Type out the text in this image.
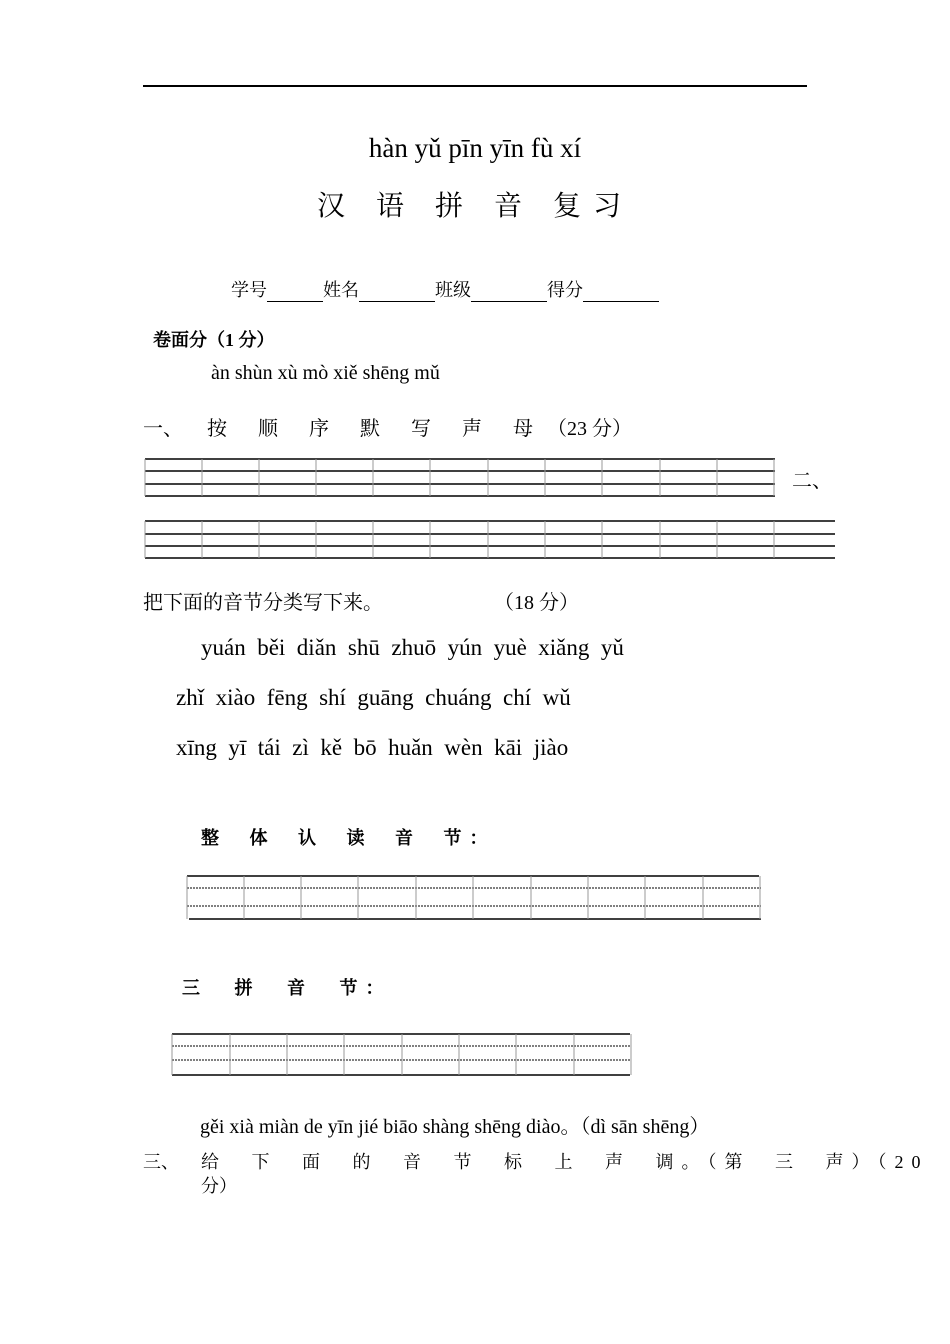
hàn yǔ pīn yīn fù xí
汉 语 拼 音 复习
学号	姓名	班级	得分
卷面分（1 分）
àn shùn xù mò xiě shēng mǔ
一、 按 顺 序 默 写 声 母 （23 分）
二、
把下面的音节分类写下来。	（18 分）
yuán  běi  diǎn  shū  zhuō  yún  yuè  xiǎng  yǔ
zhǐ  xiào  fēng  shí  guāng  chuáng  chí  wǔ
xīng  yī  tái  zì  kě  bō  huǎn  wèn  kāi  jiào
整 体 认 读 音 节：
三 拼 音 节：
gěi xià miàn de yīn jié biāo shàng shēng diào。（dì sān shēng）
三、 给 下 面 的 音 节 标 上 声 调。（第 三 声）（20
分）
